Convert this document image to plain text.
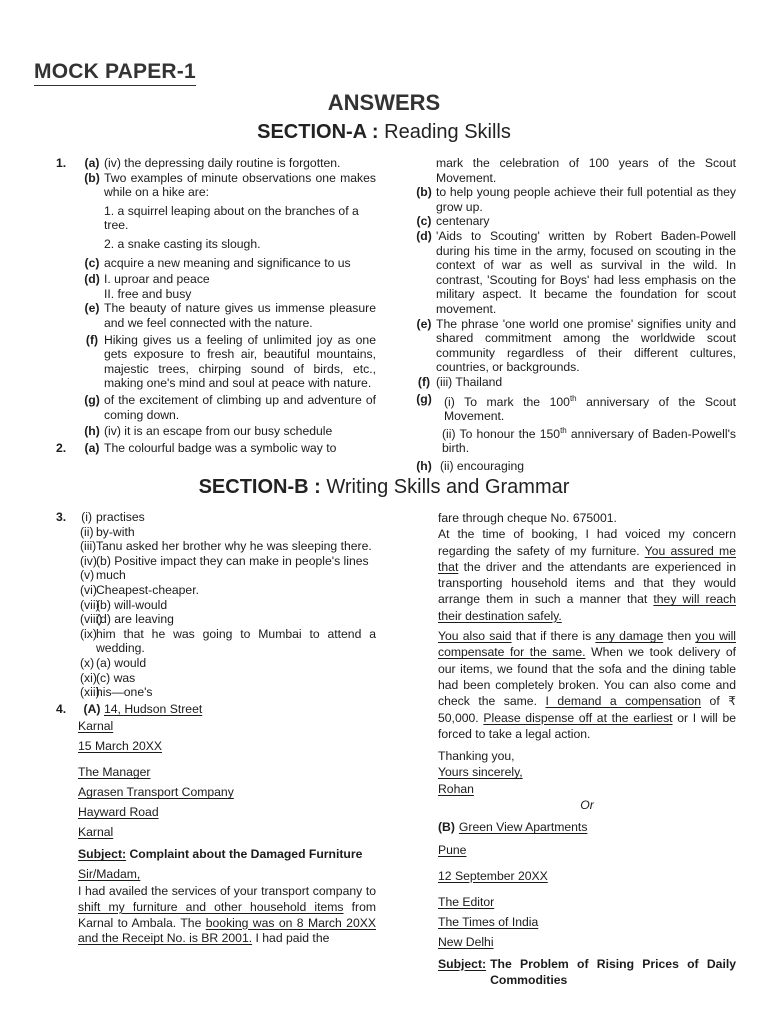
MOCK PAPER-1
ANSWERS
SECTION-A : Reading Skills
1.	(a) (iv) the depressing daily routine is forgotten.
(b) Two examples of minute observations one makes while on a hike are:
1. a squirrel leaping about on the branches of a tree.
2. a snake casting its slough.
(c) acquire a new meaning and significance to us
(d) I. uproar and peace
II. free and busy
(e) The beauty of nature gives us immense pleasure and we feel connected with the nature.
(f) Hiking gives us a feeling of unlimited joy as one gets exposure to fresh air, beautiful mountains, majestic trees, chirping sound of birds, etc., making one's mind and soul at peace with nature.
(g) of the excitement of climbing up and adventure of coming down.
(h) (iv) it is an escape from our busy schedule
2.	(a) The colourful badge was a symbolic way to
mark the celebration of 100 years of the Scout Movement.
(b) to help young people achieve their full potential as they grow up.
(c) centenary
(d) 'Aids to Scouting' written by Robert Baden-Powell during his time in the army, focused on scouting in the context of war as well as survival in the wild. In contrast, 'Scouting for Boys' had less emphasis on the military aspect. It became the foundation for scout movement.
(e) The phrase 'one world one promise' signifies unity and shared commitment among the worldwide scout community regardless of their different cultures, countries, or backgrounds.
(f) (iii) Thailand
(g)	(i) To mark the 100th anniversary of the Scout Movement.
(ii) To honour the 150th anniversary of Baden-Powell's birth.
(h) (ii) encouraging
SECTION-B : Writing Skills and Grammar
3.	(i) practises
(ii) by-with
(iii) Tanu asked her brother why he was sleeping there.
(iv) (b) Positive impact they can make in people's lines
(v) much
(vi) Cheapest-cheaper.
(vii)
(b) will-would
(viii)
(d) are leaving
(ix) him that he was going to Mumbai to attend a wedding.
(x) (a) would
(xi) (c) was
(xii)
his—one's
4.	(A) 14, Hudson Street
Karnal
15 March 20XX
The Manager
Agrasen Transport Company
Hayward Road
Karnal
Subject: Complaint about the Damaged Furniture
Sir/Madam,
I had availed the services of your transport company to shift my furniture and other household items from Karnal to Ambala. The booking was on 8 March 20XX and the Receipt No. is BR 2001. I had paid the
fare through cheque No. 675001.
At the time of booking, I had voiced my concern regarding the safety of my furniture. You assured me that the driver and the attendants are experienced in transporting household items and that they would arrange them in such a manner that they will reach their destination safely.
You also said that if there is any damage then you will compensate for the same. When we took delivery of our items, we found that the sofa and the dining table had been completely broken. You can also come and check the same. I demand a compensation of ₹ 50,000. Please dispense off at the earliest or I will be forced to take a legal action.
Thanking you,
Yours sincerely,
Rohan
Or
(B) Green View Apartments
Pune
12 September 20XX
The Editor
The Times of India
New Delhi
Subject: The Problem of Rising Prices of Daily Commodities
